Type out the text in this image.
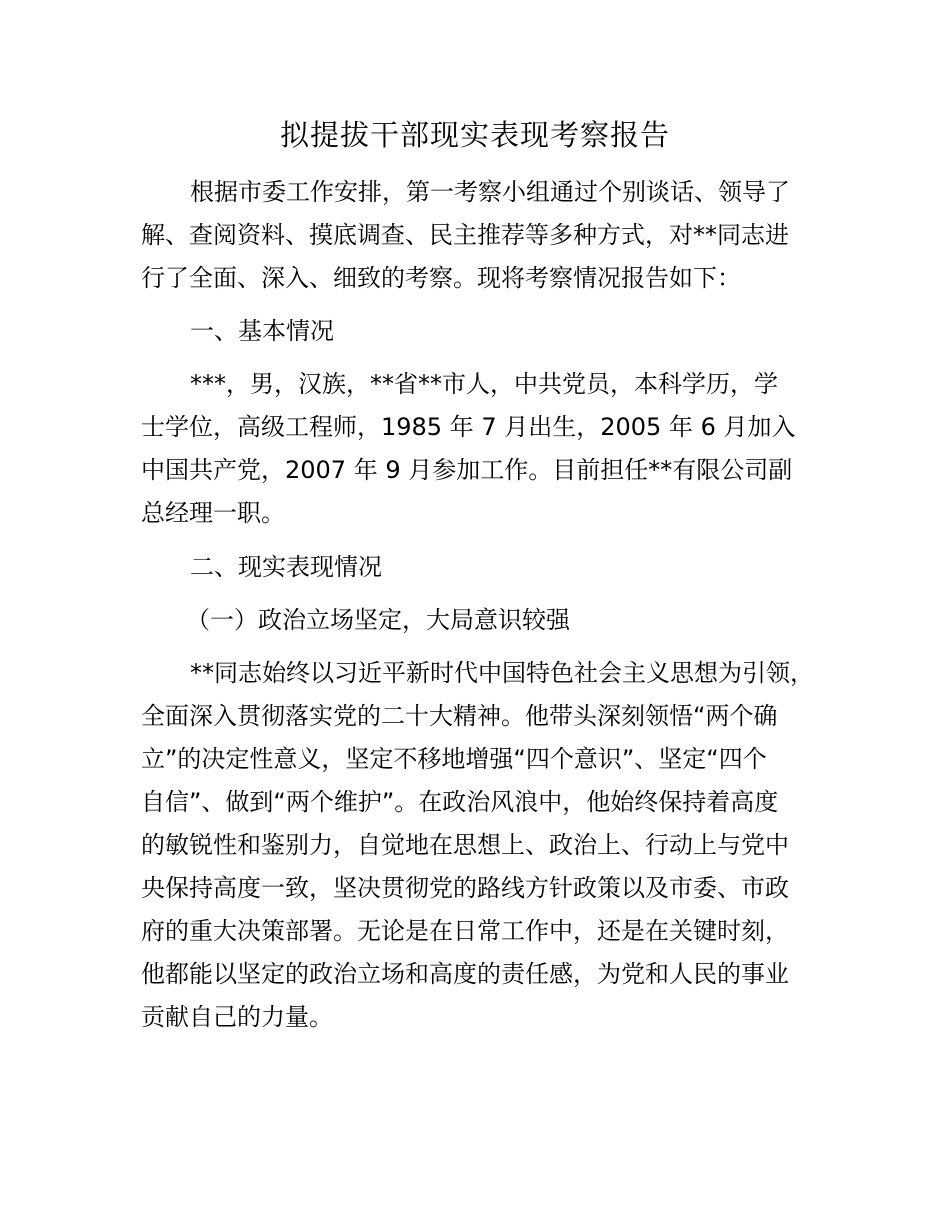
拟提拔干部现实表现考察报告
根据市委工作安排，第一考察小组通过个别谈话、领导了
解、查阅资料、摸底调查、民主推荐等多种方式，对**同志进
行了全面、深入、细致的考察。现将考察情况报告如下：
一、基本情况
***，男，汉族，**省**市人，中共党员，本科学历，学
士学位，高级工程师，1985 年 7 月出生，2005 年 6 月加入
中国共产党，2007 年 9 月参加工作。目前担任**有限公司副
总经理一职。
二、现实表现情况
（一）政治立场坚定，大局意识较强
**同志始终以习近平新时代中国特色社会主义思想为引领，
全面深入贯彻落实党的二十大精神。他带头深刻领悟“两个确
立”的决定性意义，坚定不移地增强“四个意识”、坚定“四个
自信”、做到“两个维护”。在政治风浪中，他始终保持着高度
的敏锐性和鉴别力，自觉地在思想上、政治上、行动上与党中
央保持高度一致，坚决贯彻党的路线方针政策以及市委、市政
府的重大决策部署。无论是在日常工作中，还是在关键时刻，
他都能以坚定的政治立场和高度的责任感，为党和人民的事业
贡献自己的力量。
